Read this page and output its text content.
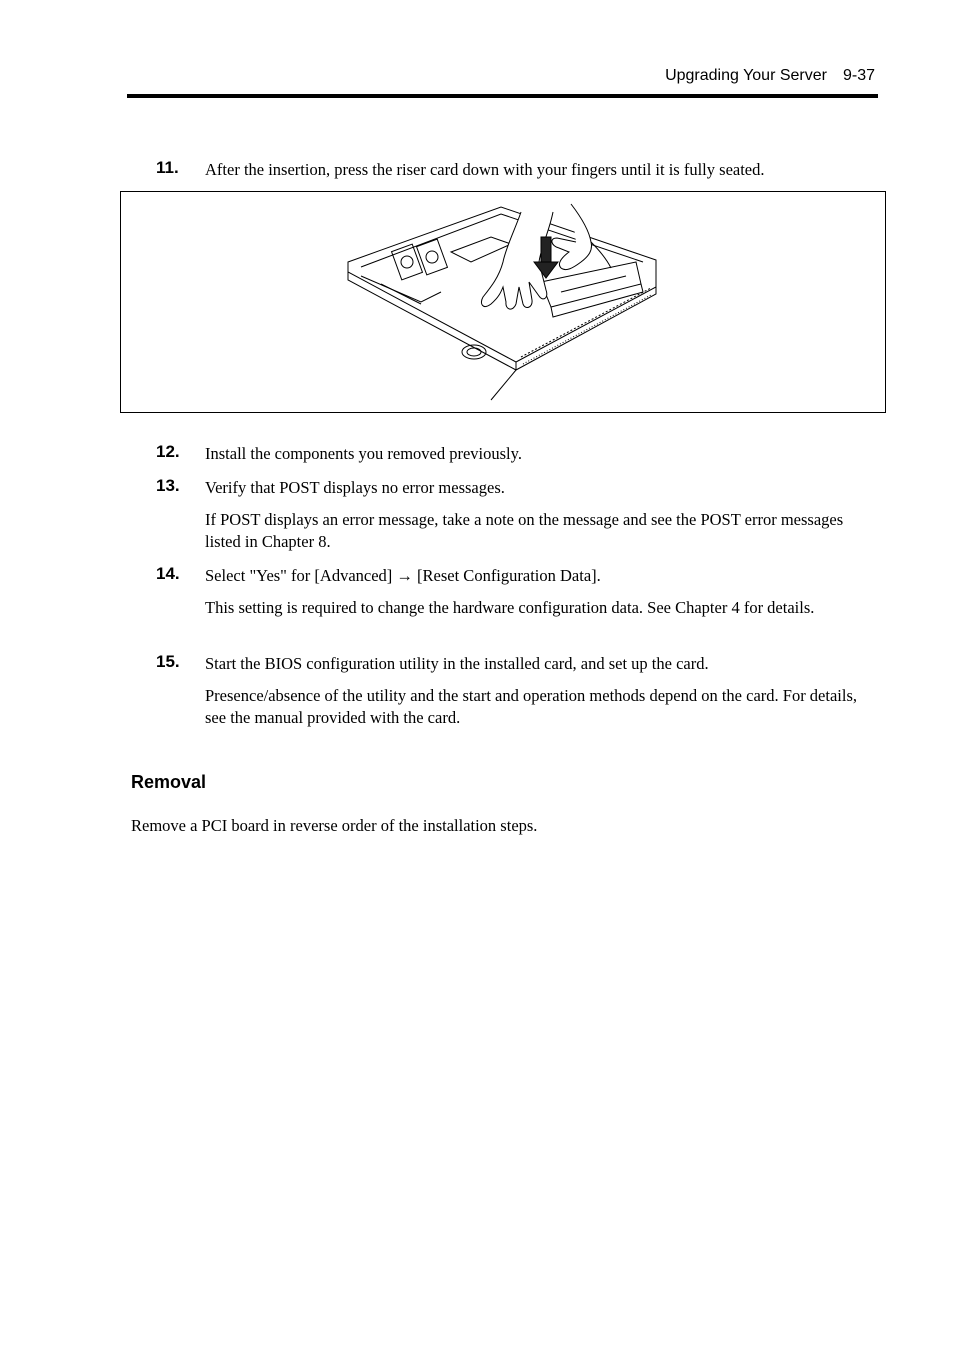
Upgrading Your Server 9-37
11.	After the insertion, press the riser card down with your fingers until it is fully seated.
12.	Install the components you removed previously.
13.	Verify that POST displays no error messages.
If POST displays an error message, take a note on the message and see the POST error messages listed in Chapter 8.
14.	Select "Yes" for [Advanced] → [Reset Configuration Data].
This setting is required to change the hardware configuration data. See Chapter 4 for details.
15.	Start the BIOS configuration utility in the installed card, and set up the card.
Presence/absence of the utility and the start and operation methods depend on the card. For details, see the manual provided with the card.
Removal
Remove a PCI board in reverse order of the installation steps.
